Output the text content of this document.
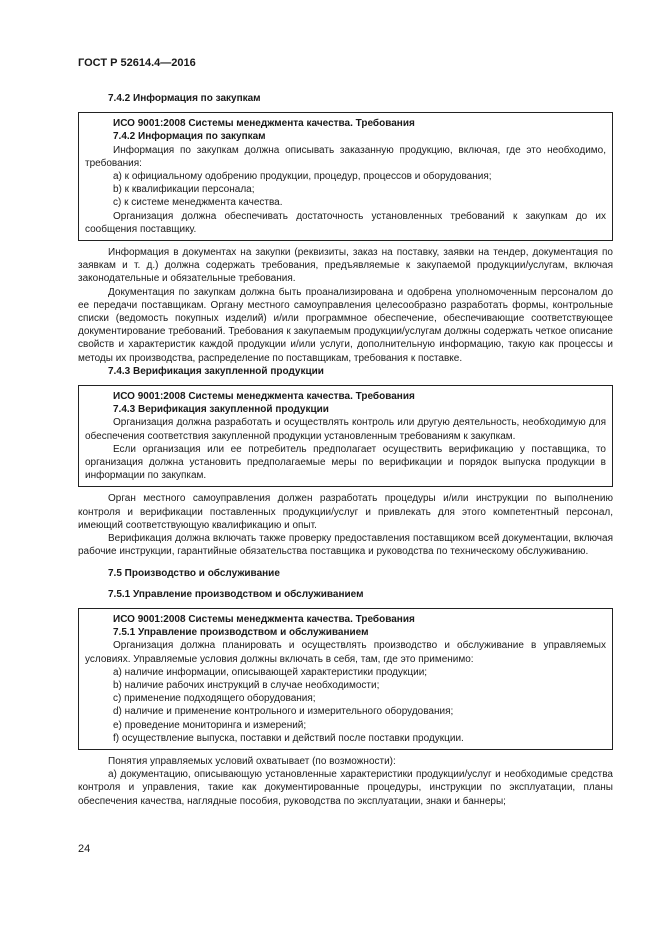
ГОСТ Р 52614.4—2016
7.4.2 Информация по закупкам
ИСО 9001:2008 Системы менеджмента качества. Требования
7.4.2 Информация по закупкам

Информация по закупкам должна описывать заказанную продукцию, включая, где это необходимо, требования:

а) к официальному одобрению продукции, процедур, процессов и оборудования;
b) к квалификации персонала;
с) к системе менеджмента качества.

Организация должна обеспечивать достаточность установленных требований к закупкам до их сообщения поставщику.

Информация в документах на закупки (реквизиты, заказ на поставку, заявки на тендер, документация по заявкам и т. д.) должна содержать требования, предъявляемые к закупаемой продукции/услугам, включая законодательные и обязательные требования.

Документация по закупкам должна быть проанализирована и одобрена уполномоченным персоналом до ее передачи поставщикам. Органу местного самоуправления целесообразно разработать формы, контрольные списки (ведомость покупных изделий) и/или программное обеспечение, обеспечивающие соответствующее документирование требований. Требования к закупаемым продукции/услугам должны содержать четкое описание свойств и характеристик каждой продукции и/или услуги, дополнительную информацию, такую как процессы и методы их производства, распределение по поставщикам, требования к поставке.

7.4.3 Верификация закупленной продукции
ИСО 9001:2008 Системы менеджмента качества. Требования
7.4.3 Верификация закупленной продукции

Организация должна разработать и осуществлять контроль или другую деятельность, необходимую для обеспечения соответствия закупленной продукции установленным требованиям к закупкам.

Если организация или ее потребитель предполагает осуществить верификацию у поставщика, то организация должна установить предполагаемые меры по верификации и порядок выпуска продукции в информации по закупкам.

Орган местного самоуправления должен разработать процедуры и/или инструкции по выполнению контроля и верификации поставленных продукции/услуг и привлекать для этого компетентный персонал, имеющий соответствующую квалификацию и опыт.

Верификация должна включать также проверку предоставления поставщиком всей документации, включая рабочие инструкции, гарантийные обязательства поставщика и руководства по техническому обслуживанию.

7.5 Производство и обслуживание
7.5.1 Управление производством и обслуживанием
ИСО 9001:2008 Системы менеджмента качества. Требования
7.5.1 Управление производством и обслуживанием

Организация должна планировать и осуществлять производство и обслуживание в управляемых условиях. Управляемые условия должны включать в себя, там, где это применимо:

а) наличие информации, описывающей характеристики продукции;
b) наличие рабочих инструкций в случае необходимости;
с) применение подходящего оборудования;
d) наличие и применение контрольного и измерительного оборудования;
е) проведение мониторинга и измерений;
f) осуществление выпуска, поставки и действий после поставки продукции.

Понятия управляемых условий охватывает (по возможности):

а) документацию, описывающую установленные характеристики продукции/услуг и необходимые средства контроля и управления, такие как документированные процедуры, инструкции по эксплуатации, планы обеспечения качества, наглядные пособия, руководства по эксплуатации, знаки и баннеры;

24
